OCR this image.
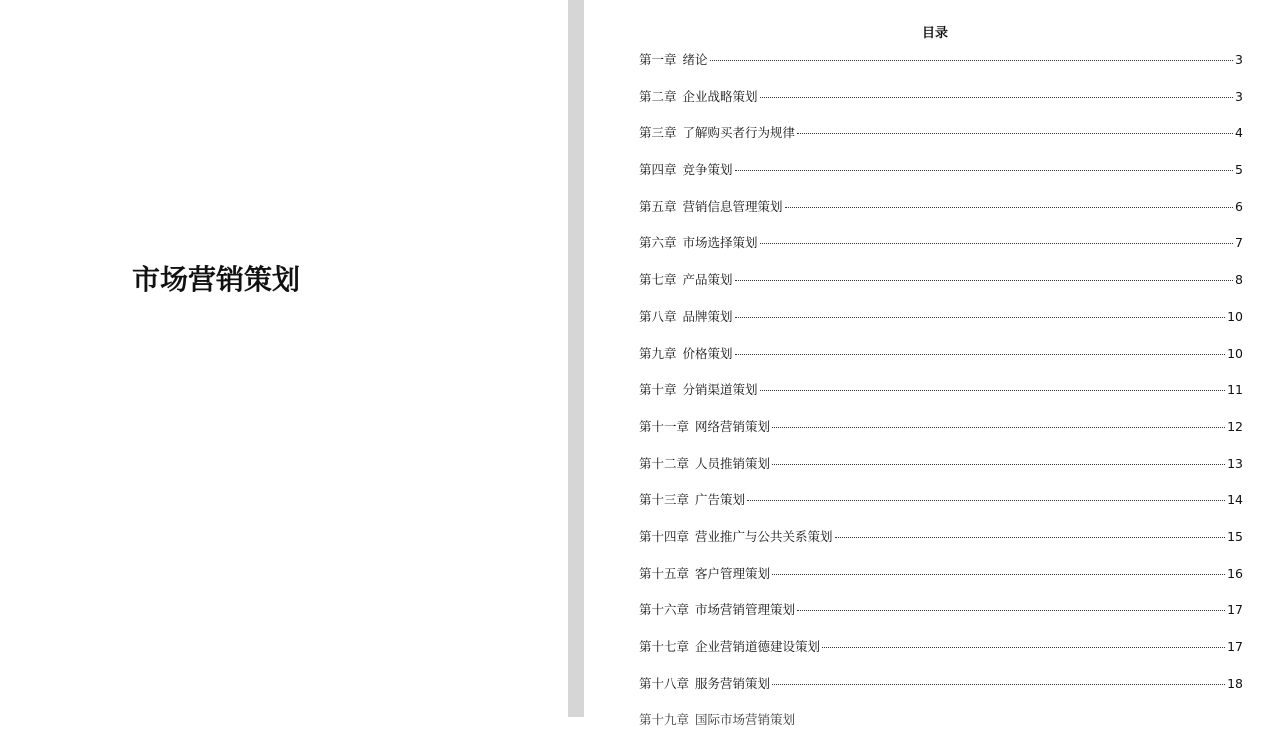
市场营销策划
目录
第一章 绪论	3
第二章 企业战略策划	3
第三章 了解购买者行为规律	4
第四章 竞争策划	5
第五章 营销信息管理策划	6
第六章 市场选择策划	7
第七章 产品策划	8
第八章 品牌策划	10
第九章 价格策划	10
第十章 分销渠道策划	11
第十一章 网络营销策划	12
第十二章 人员推销策划	13
第十三章 广告策划	14
第十四章 营业推广与公共关系策划	15
第十五章 客户管理策划	16
第十六章 市场营销管理策划	17
第十七章 企业营销道德建设策划	17
第十八章 服务营销策划	18
第十九章 国际市场营销策划
